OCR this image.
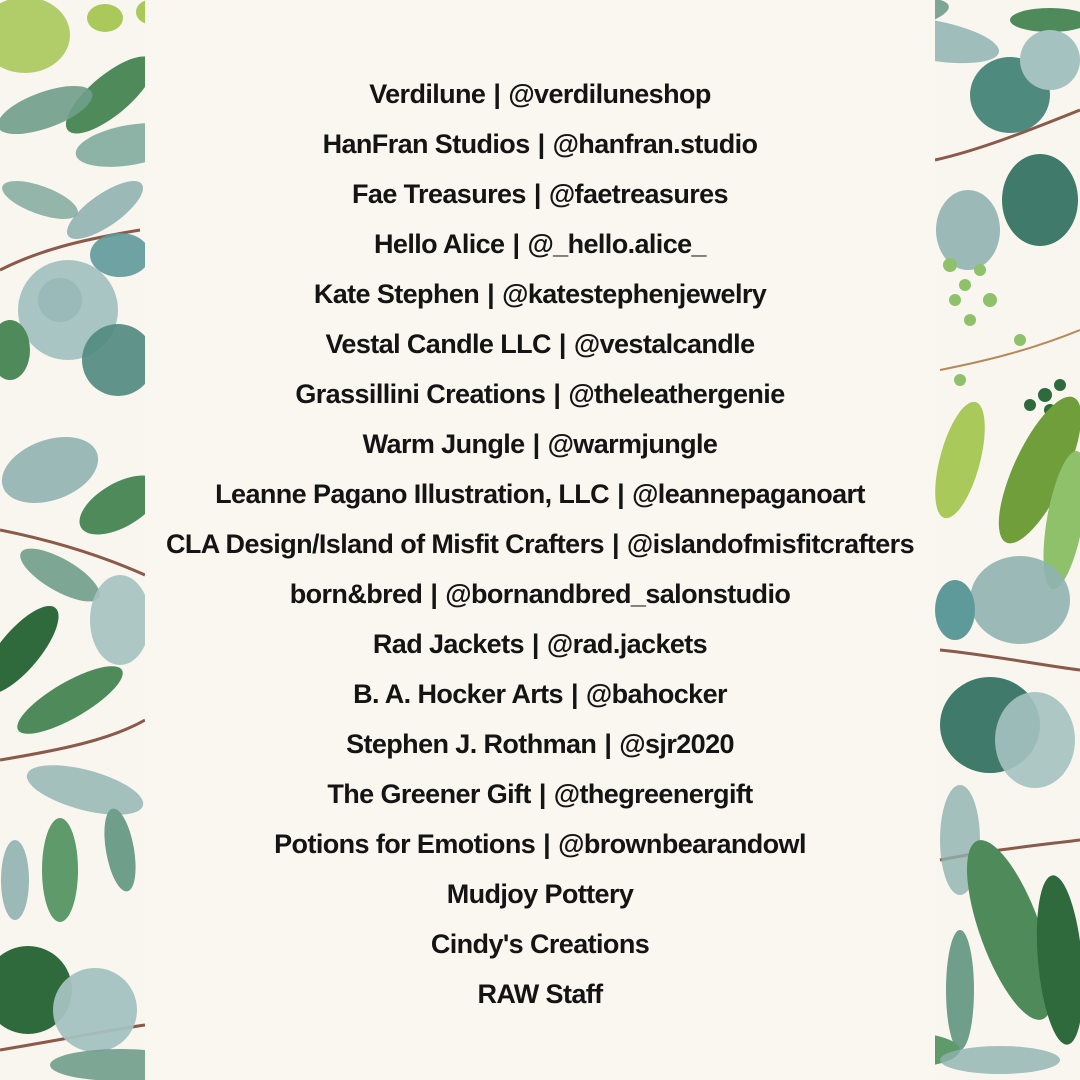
Verdilune | @verdiluneshop
HanFran Studios | @hanfran.studio
Fae Treasures | @faetreasures
Hello Alice | @_hello.alice_
Kate Stephen | @katestephenjewelry
Vestal Candle LLC | @vestalcandle
Grassillini Creations | @theleathergenie
Warm Jungle | @warmjungle
Leanne Pagano Illustration, LLC | @leannepaganoart
CLA Design/Island of Misfit Crafters | @islandofmisfitcrafters
born&bred | @bornandbred_salonstudio
Rad Jackets | @rad.jackets
B. A. Hocker Arts | @bahocker
Stephen J. Rothman | @sjr2020
The Greener Gift | @thegreenergift
Potions for Emotions | @brownbearandowl
Mudjoy Pottery
Cindy's Creations
RAW Staff
